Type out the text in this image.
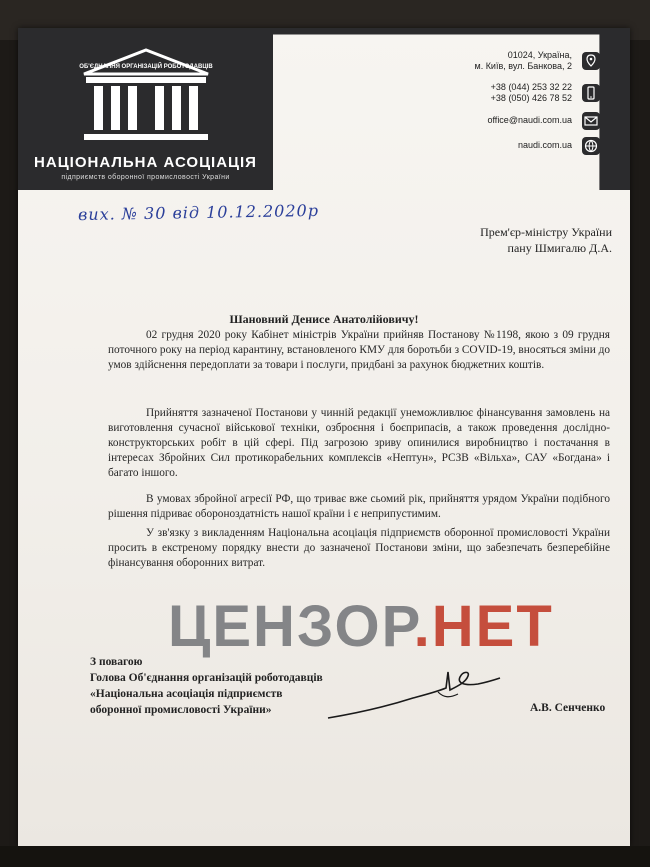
ОБ'ЄДНАННЯ ОРГАНІЗАЦІЙ РОБОТОДАВЦІВ
НАЦІОНАЛЬНА АСОЦІАЦІЯ
підприємств оборонної промисловості України
01024, Україна,
м. Київ, вул. Банкова, 2
+38 (044) 253 32 22
+38 (050) 426 78 52
office@naudi.com.ua
naudi.com.ua
вих. № 30 від 10.12.2020р
Прем'єр-міністру України
пану Шмигалю Д.А.
Шановний Денисе Анатолійовичу!
02 грудня 2020 року Кабінет міністрів України прийняв Постанову №1198, якою з 09 грудня поточного року на період карантину, встановленого КМУ для боротьби з COVID-19, вносяться зміни до умов здійснення передоплати за товари і послуги, придбані за рахунок бюджетних коштів.
Прийняття зазначеної Постанови у чинній редакції унеможливлює фінансування замовлень на виготовлення сучасної військової техніки, озброєння і боєприпасів, а також проведення дослідно-конструкторських робіт в цій сфері. Під загрозою зриву опинилися виробництво і постачання в інтересах Збройних Сил протикорабельних комплексів «Нептун», РСЗВ «Вільха», САУ «Богдана» і багато іншого.
В умовах збройної агресії РФ, що триває вже сьомий рік, прийняття урядом України подібного рішення підриває обороноздатність нашої країни і є неприпустимим.
У зв'язку з викладенням Національна асоціація підприємств оборонної промисловості України просить в екстреному порядку внести до зазначеної Постанови зміни, що забезпечать безперебійне фінансування оборонних витрат.
З повагою
Голова Об'єднання організацій роботодавців
«Національна асоціація підприємств
оборонної промисловості України»	А.В. Сенченко
ЦЕНЗОР.НЕТ
